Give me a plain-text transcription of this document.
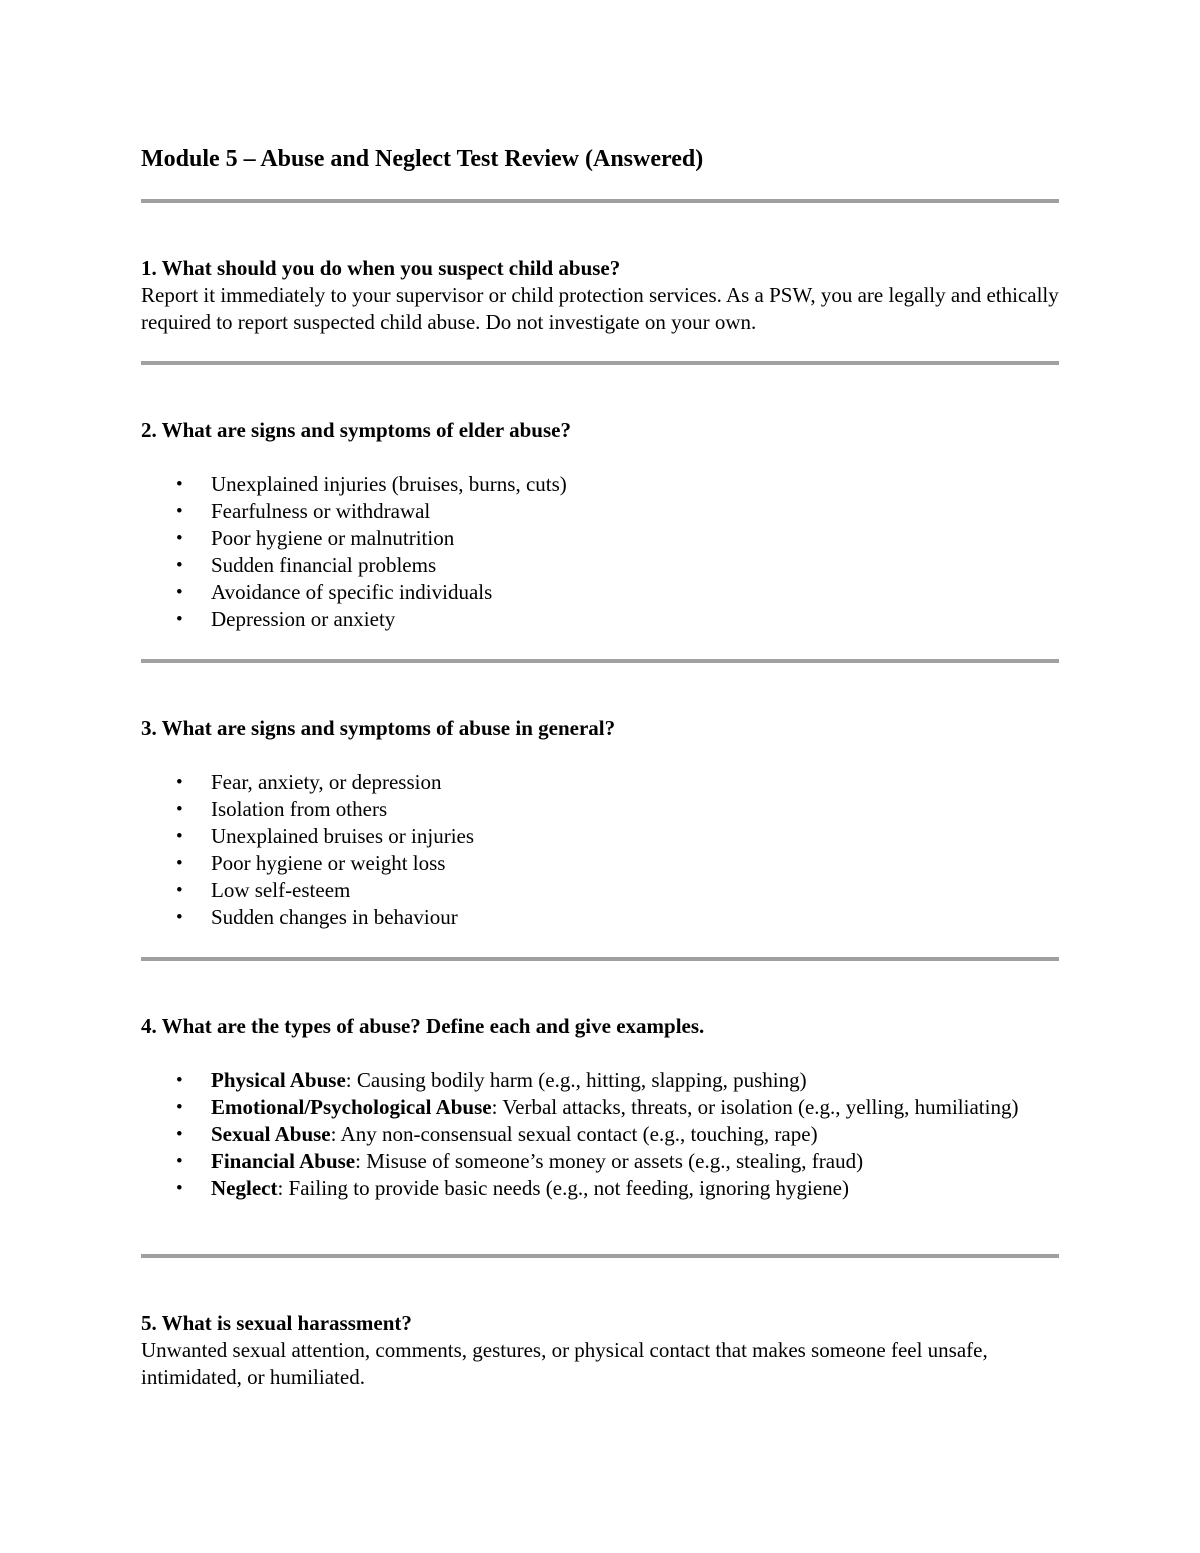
Module 5 – Abuse and Neglect Test Review (Answered)

1. What should you do when you suspect child abuse?

Report it immediately to your supervisor or child protection services. As a PSW, you are legally and ethically required to report suspected child abuse. Do not investigate on your own.

2. What are signs and symptoms of elder abuse?

• Unexplained injuries (bruises, burns, cuts)
• Fearfulness or withdrawal
• Poor hygiene or malnutrition
• Sudden financial problems
• Avoidance of specific individuals
• Depression or anxiety

3. What are signs and symptoms of abuse in general?

• Fear, anxiety, or depression
• Isolation from others
• Unexplained bruises or injuries
• Poor hygiene or weight loss
• Low self-esteem
• Sudden changes in behaviour

4. What are the types of abuse? Define each and give examples.

• Physical Abuse: Causing bodily harm (e.g., hitting, slapping, pushing)
• Emotional/Psychological Abuse: Verbal attacks, threats, or isolation (e.g., yelling, humiliating)
• Sexual Abuse: Any non-consensual sexual contact (e.g., touching, rape)
• Financial Abuse: Misuse of someone’s money or assets (e.g., stealing, fraud)
• Neglect: Failing to provide basic needs (e.g., not feeding, ignoring hygiene)

5. What is sexual harassment?

Unwanted sexual attention, comments, gestures, or physical contact that makes someone feel unsafe, intimidated, or humiliated.
